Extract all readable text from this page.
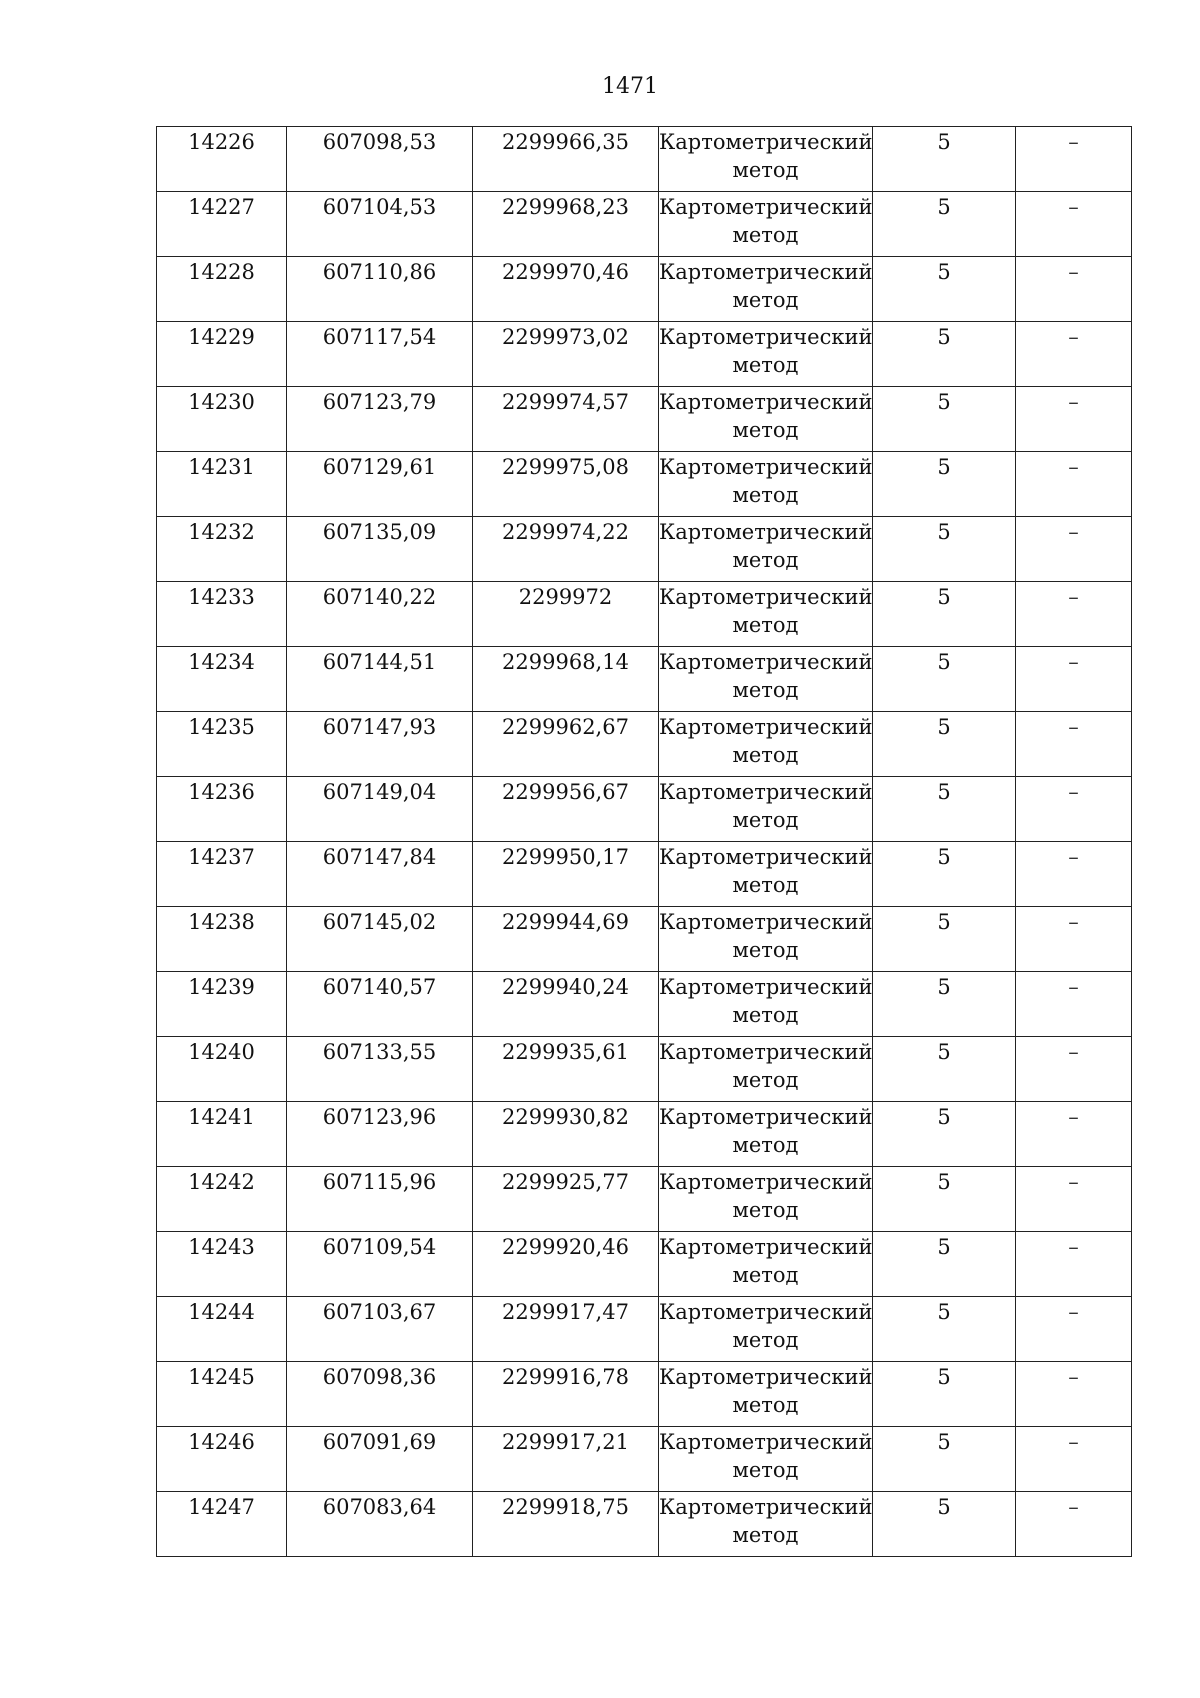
1471
14226	607098,53	2299966,35	Картометрический метод	5	–

14227	607104,53	2299968,23	Картометрический метод	5	–

14228	607110,86	2299970,46	Картометрический метод	5	–

14229	607117,54	2299973,02	Картометрический метод	5	–

14230	607123,79	2299974,57	Картометрический метод	5	–

14231	607129,61	2299975,08	Картометрический метод	5	–

14232	607135,09	2299974,22	Картометрический метод	5	–

14233	607140,22	2299972	Картометрический метод	5	–

14234	607144,51	2299968,14	Картометрический метод	5	–

14235	607147,93	2299962,67	Картометрический метод	5	–

14236	607149,04	2299956,67	Картометрический метод	5	–

14237	607147,84	2299950,17	Картометрический метод	5	–

14238	607145,02	2299944,69	Картометрический метод	5	–

14239	607140,57	2299940,24	Картометрический метод	5	–

14240	607133,55	2299935,61	Картометрический метод	5	–

14241	607123,96	2299930,82	Картометрический метод	5	–

14242	607115,96	2299925,77	Картометрический метод	5	–

14243	607109,54	2299920,46	Картометрический метод	5	–

14244	607103,67	2299917,47	Картометрический метод	5	–

14245	607098,36	2299916,78	Картометрический метод	5	–

14246	607091,69	2299917,21	Картометрический метод	5	–

14247	607083,64	2299918,75	Картометрический метод	5	–
